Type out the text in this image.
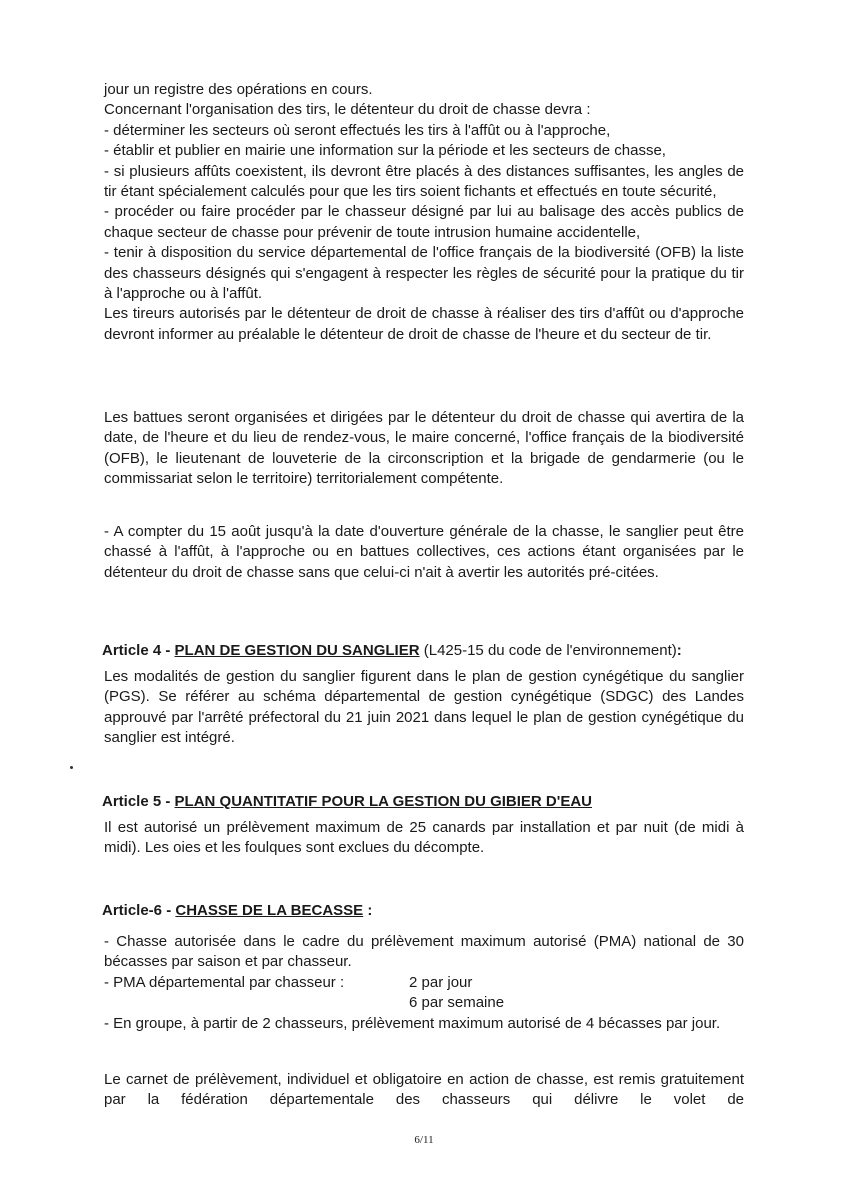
jour un registre des opérations en cours.

Concernant l'organisation des tirs, le détenteur du droit de chasse devra :

- déterminer les secteurs où seront effectués les tirs à l'affût ou à l'approche,

- établir et publier en mairie une information sur la période et les secteurs de chasse,

- si plusieurs affûts coexistent, ils devront être placés à des distances suffisantes, les angles de tir étant spécialement calculés pour que les tirs soient fichants et effectués en toute sécurité,

- procéder ou faire procéder par le chasseur désigné par lui au balisage des accès publics de chaque secteur de chasse pour prévenir de toute intrusion humaine accidentelle,

- tenir à disposition du service départemental de l'office français de la biodiversité (OFB) la liste des chasseurs désignés qui s'engagent à respecter les règles de sécurité pour la pratique du tir à l'approche ou à l'affût.

Les tireurs autorisés par le détenteur de droit de chasse à réaliser des tirs d'affût ou d'approche devront informer au préalable le détenteur de droit de chasse de l'heure et du secteur de tir.

Les battues seront organisées et dirigées par le détenteur du droit de chasse qui avertira de la date, de l'heure et du lieu de rendez-vous, le maire concerné, l'office français de la biodiversité (OFB), le lieutenant de louveterie de la circonscription et la brigade de gendarmerie (ou le commissariat selon le territoire) territorialement compétente.

- A compter du 15 août jusqu'à la date d'ouverture générale de la chasse, le sanglier peut être chassé à l'affût, à l'approche ou en battues collectives, ces actions étant organisées par le détenteur du droit de chasse sans que celui-ci n'ait à avertir les autorités pré-citées.

Article 4 - PLAN DE GESTION DU SANGLIER (L425-15 du code de l'environnement):

Les modalités de gestion du sanglier figurent dans le plan de gestion cynégétique du sanglier (PGS). Se référer au schéma départemental de gestion cynégétique (SDGC) des Landes approuvé par l'arrêté préfectoral du 21 juin 2021 dans lequel le plan de gestion cynégétique du sanglier est intégré.

Article 5 - PLAN QUANTITATIF POUR LA GESTION DU GIBIER D'EAU

Il est autorisé un prélèvement maximum de 25 canards par installation et par nuit (de midi à midi). Les oies et les foulques sont exclues du décompte.

Article-6 - CHASSE DE LA BECASSE :

- Chasse autorisée dans le cadre du prélèvement maximum autorisé (PMA) national de 30 bécasses par saison et par chasseur.

- PMA départemental par chasseur :	2 par jour
6 par semaine

- En groupe, à partir de 2 chasseurs, prélèvement maximum autorisé de 4 bécasses par jour.

Le carnet de prélèvement, individuel et obligatoire en action de chasse, est remis gratuitement par la fédération départementale des chasseurs qui délivre le volet de

6/11
